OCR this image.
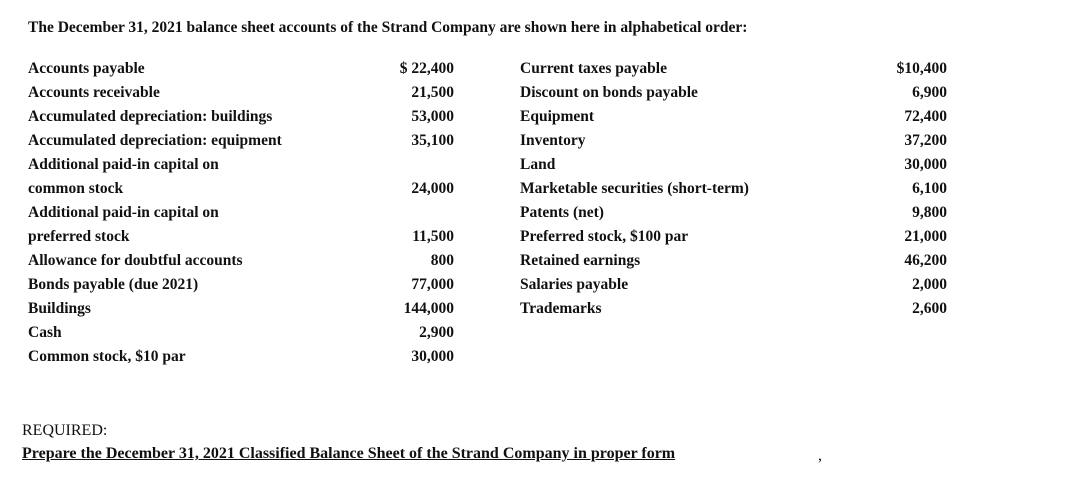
The December 31, 2021 balance sheet accounts of the Strand Company are shown here in alphabetical order:
Accounts payable	$ 22,400
Accounts receivable	21,500
Accumulated depreciation: buildings	53,000
Accumulated depreciation: equipment	35,100
Additional paid-in capital on
common stock	24,000
Additional paid-in capital on
preferred stock	11,500
Allowance for doubtful accounts	800
Bonds payable (due 2021)	77,000
Buildings	144,000
Cash	2,900
Common stock, $10 par	30,000
Current taxes payable	$10,400
Discount on bonds payable	6,900
Equipment	72,400
Inventory	37,200
Land	30,000
Marketable securities (short-term)	6,100
Patents (net)	9,800
Preferred stock, $100 par	21,000
Retained earnings	46,200
Salaries payable	2,000
Trademarks	2,600
REQUIRED:
Prepare the December 31, 2021 Classified Balance Sheet of the Strand Company in proper form	,
